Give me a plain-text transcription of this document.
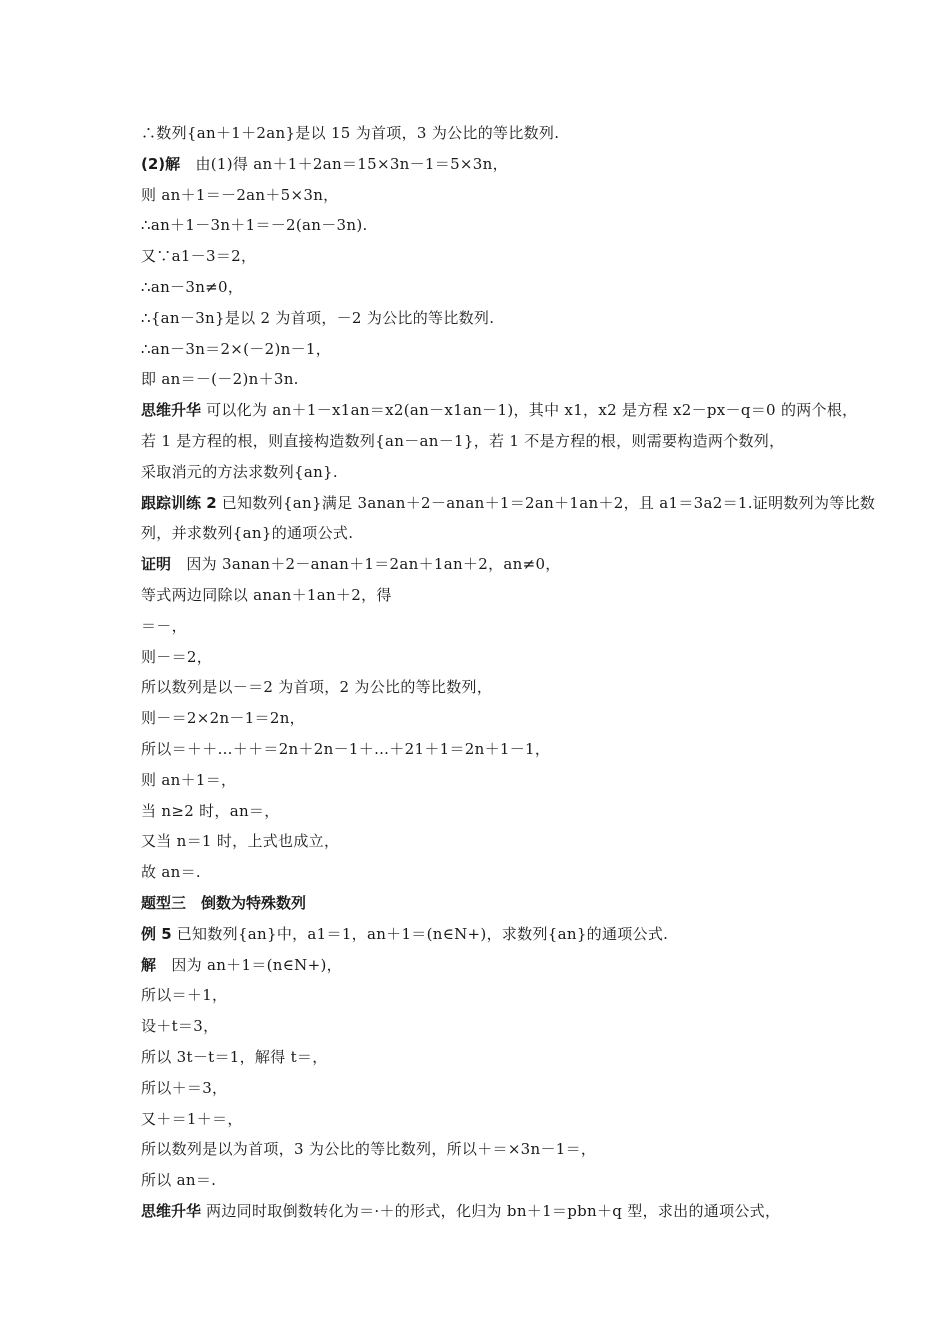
∴数列{an＋1＋2an}是以 15 为首项，3 为公比的等比数列.
(2)解　由(1)得 an＋1＋2an＝15×3n－1＝5×3n，
则 an＋1＝－2an＋5×3n，
∴an＋1－3n＋1＝－2(an－3n).
又∵a1－3＝2，
∴an－3n≠0，
∴{an－3n}是以 2 为首项，－2 为公比的等比数列.
∴an－3n＝2×(－2)n－1，
即 an＝－(－2)n＋3n.
思维升华 可以化为 an＋1－x1an＝x2(an－x1an－1)，其中 x1，x2 是方程 x2－px－q＝0 的两个根，
若 1 是方程的根，则直接构造数列{an－an－1}，若 1 不是方程的根，则需要构造两个数列，
采取消元的方法求数列{an}.
跟踪训练 2 已知数列{an}满足 3anan＋2－anan＋1＝2an＋1an＋2，且 a1＝3a2＝1.证明数列为等比数
列，并求数列{an}的通项公式.
证明　因为 3anan＋2－anan＋1＝2an＋1an＋2，an≠0，
等式两边同除以 anan＋1an＋2，得
＝－，
则－＝2，
所以数列是以－＝2 为首项，2 为公比的等比数列，
则－＝2×2n－1＝2n，
所以＝＋＋…＋＋＝2n＋2n－1＋…＋21＋1＝2n＋1－1，
则 an＋1＝，
当 n≥2 时，an＝，
又当 n＝1 时，上式也成立，
故 an＝.
题型三　倒数为特殊数列
例 5 已知数列{an}中，a1＝1，an＋1＝(n∈N+)，求数列{an}的通项公式.
解　因为 an＋1＝(n∈N+)，
所以＝＋1，
设＋t＝3，
所以 3t－t＝1，解得 t＝，
所以＋＝3，
又＋＝1＋＝，
所以数列是以为首项，3 为公比的等比数列，所以＋＝×3n－1＝，
所以 an＝.
思维升华 两边同时取倒数转化为＝·＋的形式，化归为 bn＋1＝pbn＋q 型，求出的通项公式，
